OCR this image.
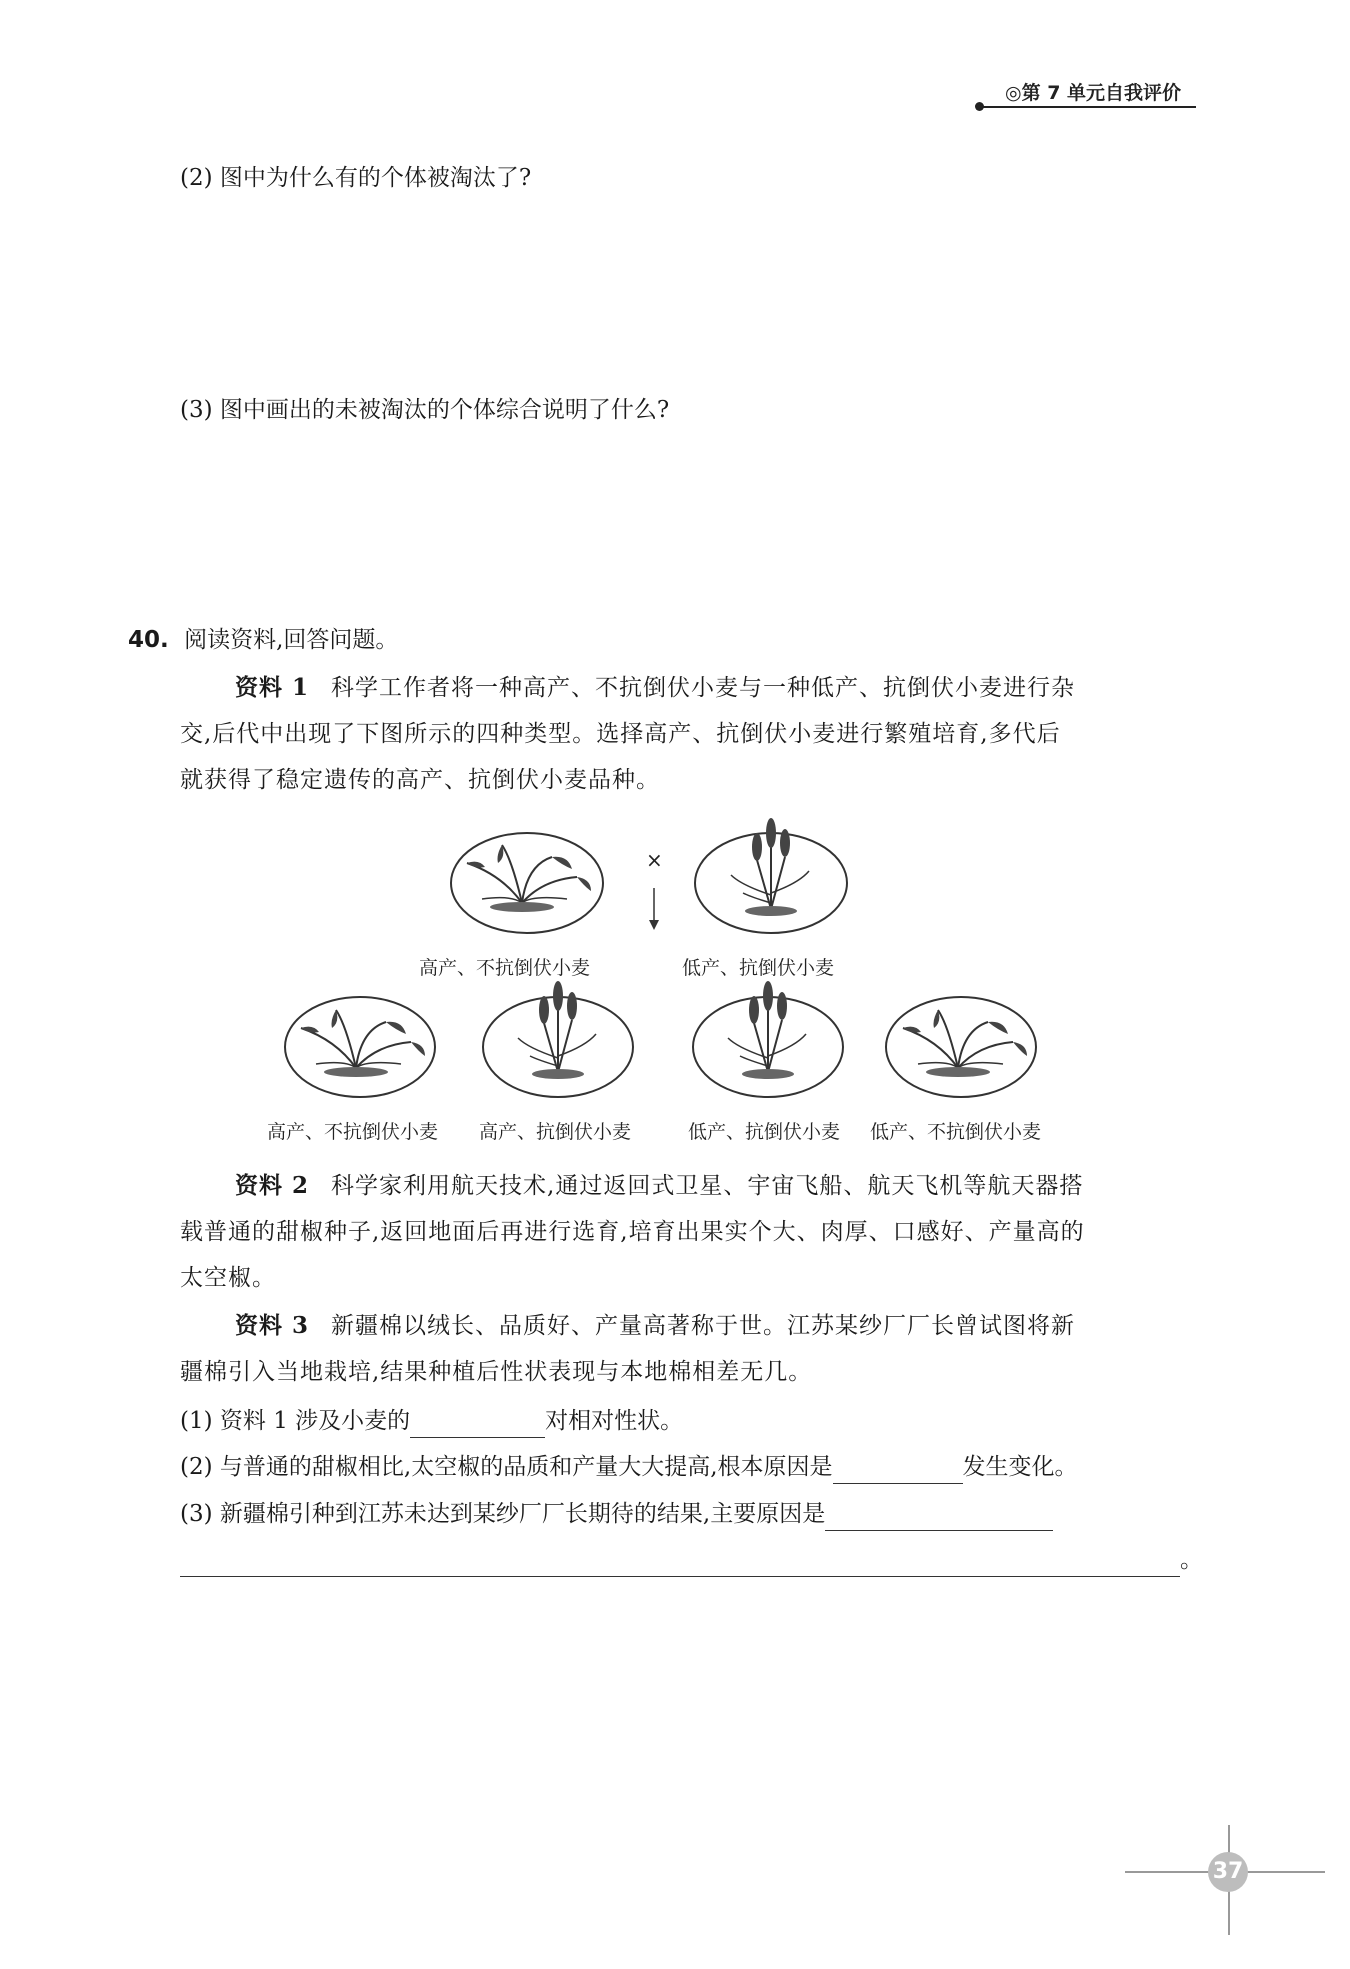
◎第 7 单元自我评价
(2) 图中为什么有的个体被淘汰了?
(3) 图中画出的未被淘汰的个体综合说明了什么?
40. 阅读资料,回答问题。
资料 1 科学工作者将一种高产、不抗倒伏小麦与一种低产、抗倒伏小麦进行杂
交,后代中出现了下图所示的四种类型。选择高产、抗倒伏小麦进行繁殖培育,多代后
就获得了稳定遗传的高产、抗倒伏小麦品种。
×
高产、不抗倒伏小麦	低产、抗倒伏小麦
高产、不抗倒伏小麦 高产、抗倒伏小麦	低产、抗倒伏小麦 低产、不抗倒伏小麦
资料 2 科学家利用航天技术,通过返回式卫星、宇宙飞船、航天飞机等航天器搭
载普通的甜椒种子,返回地面后再进行选育,培育出果实个大、肉厚、口感好、产量高的
太空椒。
资料 3 新疆棉以绒长、品质好、产量高著称于世。江苏某纱厂厂长曾试图将新
疆棉引入当地栽培,结果种植后性状表现与本地棉相差无几。
(1) 资料 1 涉及小麦的	对相对性状。
(2) 与普通的甜椒相比,太空椒的品质和产量大大提高,根本原因是	发生变化。
(3) 新疆棉引种到江苏未达到某纱厂厂长期待的结果,主要原因是
。
37
